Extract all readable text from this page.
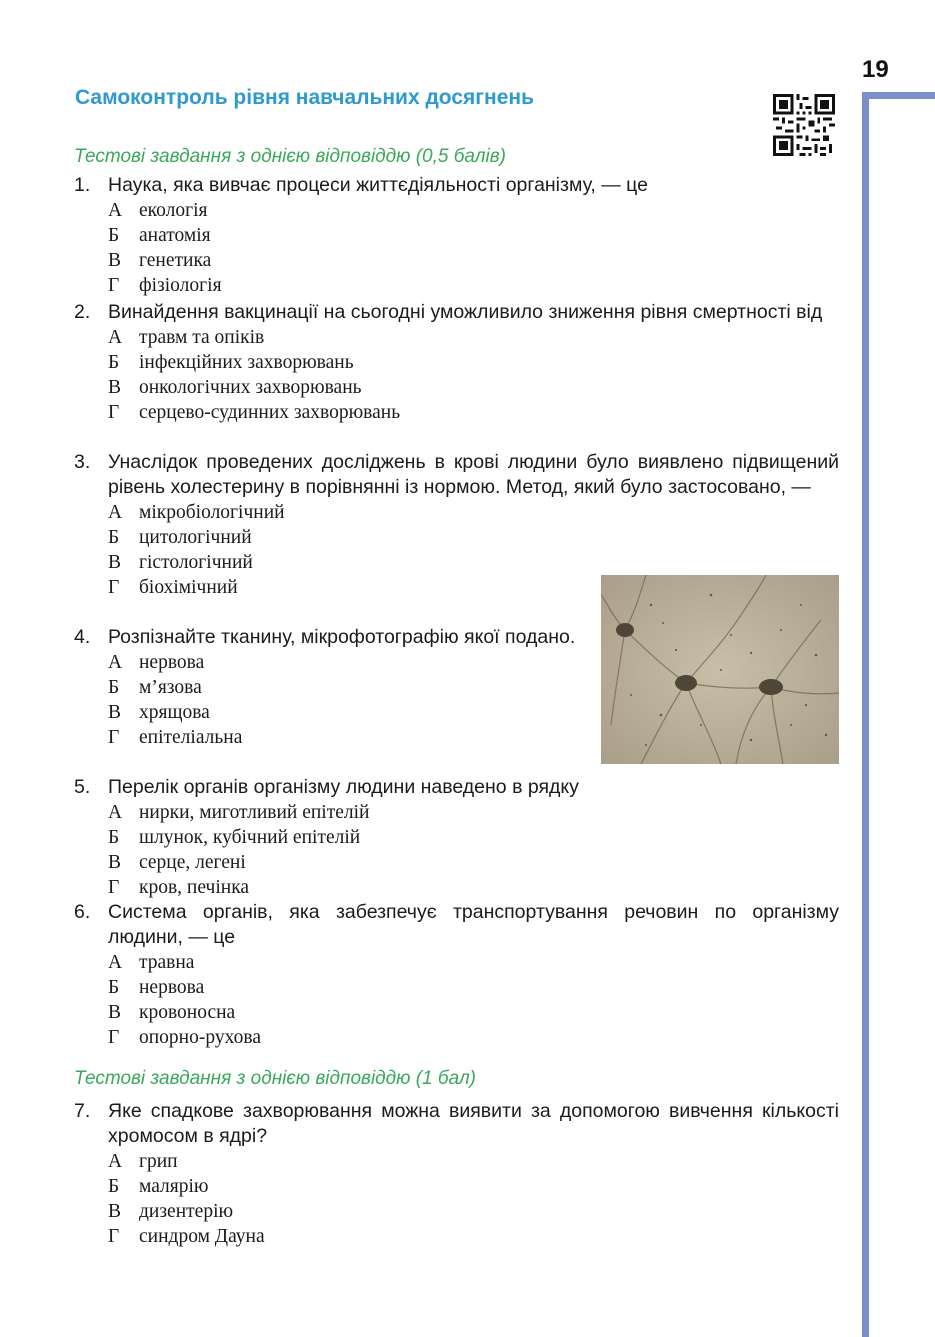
19
Самоконтроль рівня навчальних досягнень
Тестові завдання з однією відповіддю (0,5 балів)
1. Наука, яка вивчає процеси життєдіяльності організму, — це
А екологія
Б анатомія
В генетика
Г фізіологія
2. Винайдення вакцинації на сьогодні уможливило зниження рівня смертності від
А травм та опіків
Б інфекційних захворювань
В онкологічних захворювань
Г серцево-судинних захворювань
3. Унаслідок проведених досліджень в крові людини було виявлено підвищений рівень холестерину в порівнянні із нормою. Метод, який було застосовано, —
А мікробіологічний
Б цитологічний
В гістологічний
Г біохімічний
4. Розпізнайте тканину, мікрофотографію якої подано.
А нервова
Б м’язова
В хрящова
Г епітеліальна
5. Перелік органів організму людини наведено в рядку
А нирки, миготливий епітелій
Б шлунок, кубічний епітелій
В серце, легені
Г кров, печінка
6. Система органів, яка забезпечує транспортування речовин по організму людини, — це
А травна
Б нервова
В кровоносна
Г опорно-рухова
Тестові завдання з однією відповіддю (1 бал)
7. Яке спадкове захворювання можна виявити за допомогою вивчення кількості хромосом в ядрі?
А грип
Б малярію
В дизентерію
Г синдром Дауна
